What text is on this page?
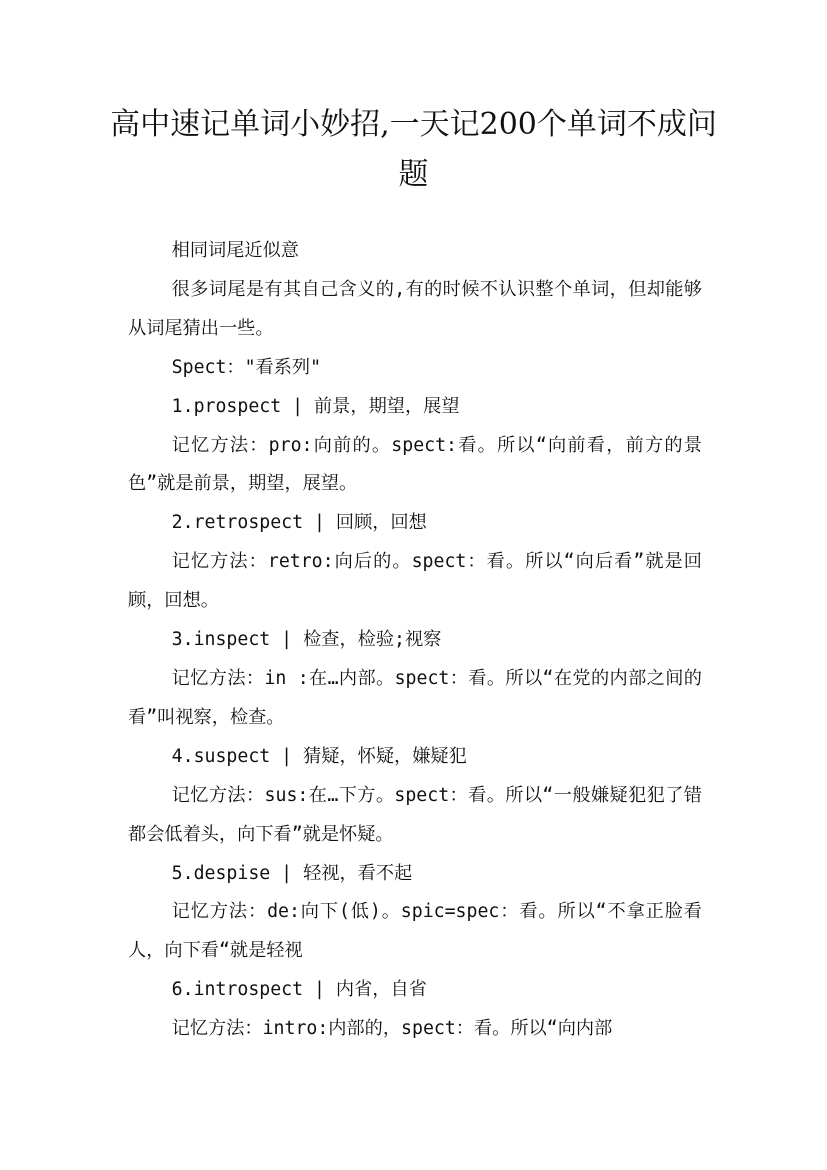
高中速记单词小妙招,一天记200个单词不成问题

相同词尾近似意

很多词尾是有其自己含义的,有的时候不认识整个单词，但却能够从词尾猜出一些。

Spect："看系列"

1.prospect | 前景，期望，展望

记忆方法：pro:向前的。spect:看。所以“向前看，前方的景色”就是前景，期望，展望。

2.retrospect | 回顾，回想

记忆方法：retro:向后的。spect：看。所以“向后看”就是回顾，回想。

3.inspect | 检查，检验;视察

记忆方法：in :在…内部。spect：看。所以“在党的内部之间的看”叫视察，检查。

4.suspect | 猜疑，怀疑，嫌疑犯

记忆方法：sus:在…下方。spect：看。所以“一般嫌疑犯犯了错都会低着头，向下看”就是怀疑。

5.despise | 轻视，看不起

记忆方法：de:向下(低)。spic=spec：看。所以“不拿正脸看人，向下看“就是轻视

6.introspect | 内省，自省

记忆方法：intro:内部的，spect：看。所以“向内部
